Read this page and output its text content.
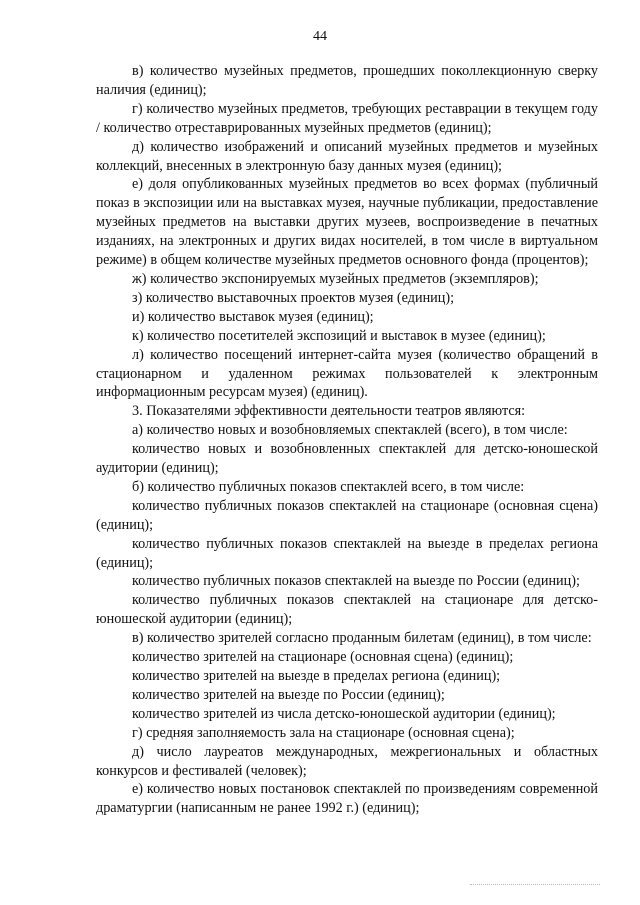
44

в) количество музейных предметов, прошедших поколлекционную сверку наличия (единиц);

г) количество музейных предметов, требующих реставрации в текущем году / количество отреставрированных музейных предметов (единиц);

д) количество изображений и описаний музейных предметов и музейных коллекций, внесенных в электронную базу данных музея (единиц);

е) доля опубликованных музейных предметов во всех формах (публичный показ в экспозиции или на выставках музея, научные публикации, предоставление музейных предметов на выставки других музеев, воспроизведение в печатных изданиях, на электронных и других видах носителей, в том числе в виртуальном режиме) в общем количестве музейных предметов основного фонда (процентов);

ж) количество экспонируемых музейных предметов (экземпляров);

з) количество выставочных проектов музея (единиц);

и) количество выставок музея (единиц);

к) количество посетителей экспозиций и выставок в музее (единиц);

л) количество посещений интернет-сайта музея (количество обращений в стационарном и удаленном режимах пользователей к электронным информационным ресурсам музея) (единиц).

3. Показателями эффективности деятельности театров являются:

а) количество новых и возобновляемых спектаклей (всего), в том числе:

количество новых и возобновленных спектаклей для детско-юношеской аудитории (единиц);

б) количество публичных показов спектаклей всего, в том числе:

количество публичных показов спектаклей на стационаре (основная сцена) (единиц);

количество публичных показов спектаклей на выезде в пределах региона (единиц);

количество публичных показов спектаклей на выезде по России (единиц);

количество публичных показов спектаклей на стационаре для детско-юношеской аудитории (единиц);

в) количество зрителей согласно проданным билетам (единиц), в том числе:

количество зрителей на стационаре (основная сцена) (единиц);

количество зрителей на выезде в пределах региона (единиц);

количество зрителей на выезде по России (единиц);

количество зрителей из числа детско-юношеской аудитории (единиц);

г) средняя заполняемость зала на стационаре (основная сцена);

д) число лауреатов международных, межрегиональных и областных конкурсов и фестивалей (человек);

е) количество новых постановок спектаклей по произведениям современной драматургии (написанным не ранее 1992 г.) (единиц);
